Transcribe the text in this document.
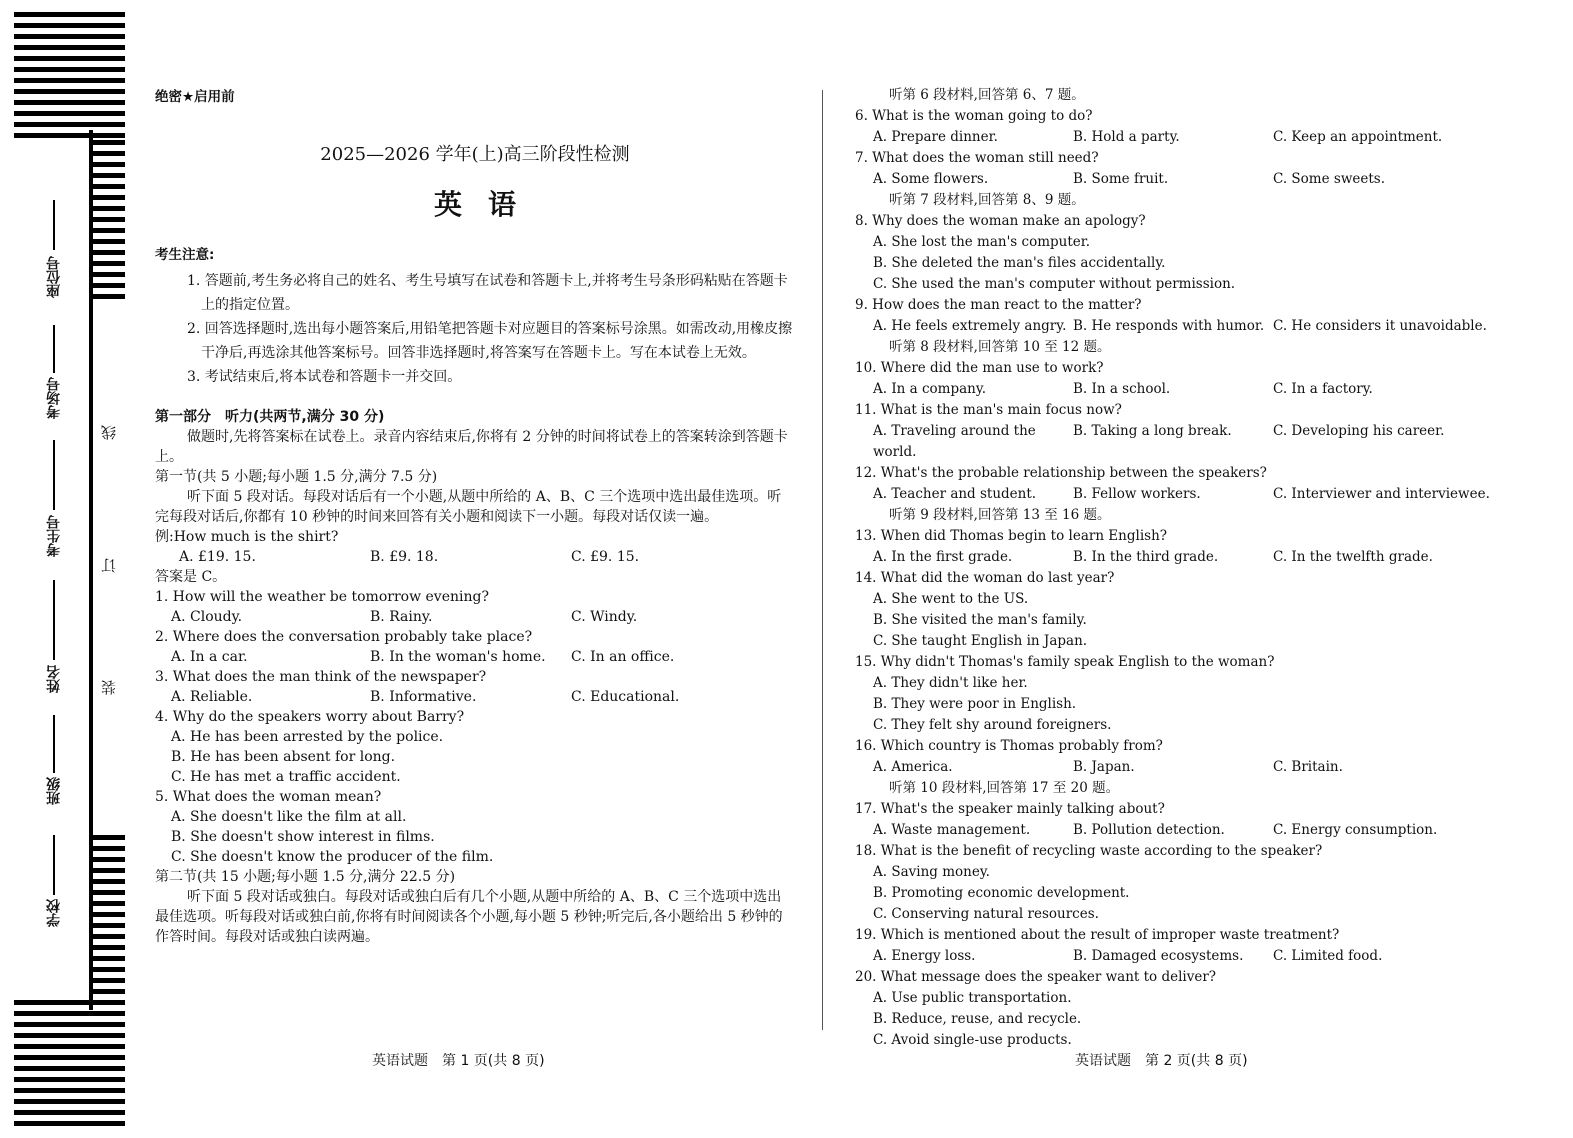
座位号
考场号
考生号
姓名
班级
学校
线
订
装
绝密★启用前
2025—2026 学年(上)高三阶段性检测
英语
考生注意:
1. 答题前,考生务必将自己的姓名、考生号填写在试卷和答题卡上,并将考生号条形码粘贴在答题卡上的指定位置。
2. 回答选择题时,选出每小题答案后,用铅笔把答题卡对应题目的答案标号涂黑。如需改动,用橡皮擦干净后,再选涂其他答案标号。回答非选择题时,将答案写在答题卡上。写在本试卷上无效。
3. 考试结束后,将本试卷和答题卡一并交回。
第一部分　听力(共两节,满分 30 分)
做题时,先将答案标在试卷上。录音内容结束后,你将有 2 分钟的时间将试卷上的答案转涂到答题卡上。
第一节(共 5 小题;每小题 1.5 分,满分 7.5 分)
听下面 5 段对话。每段对话后有一个小题,从题中所给的 A、B、C 三个选项中选出最佳选项。听完每段对话后,你都有 10 秒钟的时间来回答有关小题和阅读下一小题。每段对话仅读一遍。
例:How much is the shirt?
A. £19. 15.	B. £9. 18.	C. £9. 15.
答案是 C。
1. How will the weather be tomorrow evening?
A. Cloudy.	B. Rainy.	C. Windy.
2. Where does the conversation probably take place?
A. In a car.	B. In the woman's home.	C. In an office.
3. What does the man think of the newspaper?
A. Reliable.	B. Informative.	C. Educational.
4. Why do the speakers worry about Barry?
A. He has been arrested by the police.
B. He has been absent for long.
C. He has met a traffic accident.
5. What does the woman mean?
A. She doesn't like the film at all.
B. She doesn't show interest in films.
C. She doesn't know the producer of the film.
第二节(共 15 小题;每小题 1.5 分,满分 22.5 分)
听下面 5 段对话或独白。每段对话或独白后有几个小题,从题中所给的 A、B、C 三个选项中选出最佳选项。听每段对话或独白前,你将有时间阅读各个小题,每小题 5 秒钟;听完后,各小题给出 5 秒钟的作答时间。每段对话或独白读两遍。
英语试题　第 1 页(共 8 页)
听第 6 段材料,回答第 6、7 题。
6. What is the woman going to do?
A. Prepare dinner.	B. Hold a party.	C. Keep an appointment.
7. What does the woman still need?
A. Some flowers.	B. Some fruit.	C. Some sweets.
听第 7 段材料,回答第 8、9 题。
8. Why does the woman make an apology?
A. She lost the man's computer.
B. She deleted the man's files accidentally.
C. She used the man's computer without permission.
9. How does the man react to the matter?
A. He feels extremely angry. B. He responds with humor. C. He considers it unavoidable.
听第 8 段材料,回答第 10 至 12 题。
10. Where did the man use to work?
A. In a company.	B. In a school.	C. In a factory.
11. What is the man's main focus now?
A. Traveling around the world.
B. Taking a long break.	C. Developing his career.
12. What's the probable relationship between the speakers?
A. Teacher and student.	B. Fellow workers.	C. Interviewer and interviewee.
听第 9 段材料,回答第 13 至 16 题。
13. When did Thomas begin to learn English?
A. In the first grade.	B. In the third grade.	C. In the twelfth grade.
14. What did the woman do last year?
A. She went to the US.
B. She visited the man's family.
C. She taught English in Japan.
15. Why didn't Thomas's family speak English to the woman?
A. They didn't like her.
B. They were poor in English.
C. They felt shy around foreigners.
16. Which country is Thomas probably from?
A. America.	B. Japan.	C. Britain.
听第 10 段材料,回答第 17 至 20 题。
17. What's the speaker mainly talking about?
A. Waste management.	B. Pollution detection.	C. Energy consumption.
18. What is the benefit of recycling waste according to the speaker?
A. Saving money.
B. Promoting economic development.
C. Conserving natural resources.
19. Which is mentioned about the result of improper waste treatment?
A. Energy loss.	B. Damaged ecosystems.	C. Limited food.
20. What message does the speaker want to deliver?
A. Use public transportation.
B. Reduce, reuse, and recycle.
C. Avoid single-use products.
英语试题　第 2 页(共 8 页)
